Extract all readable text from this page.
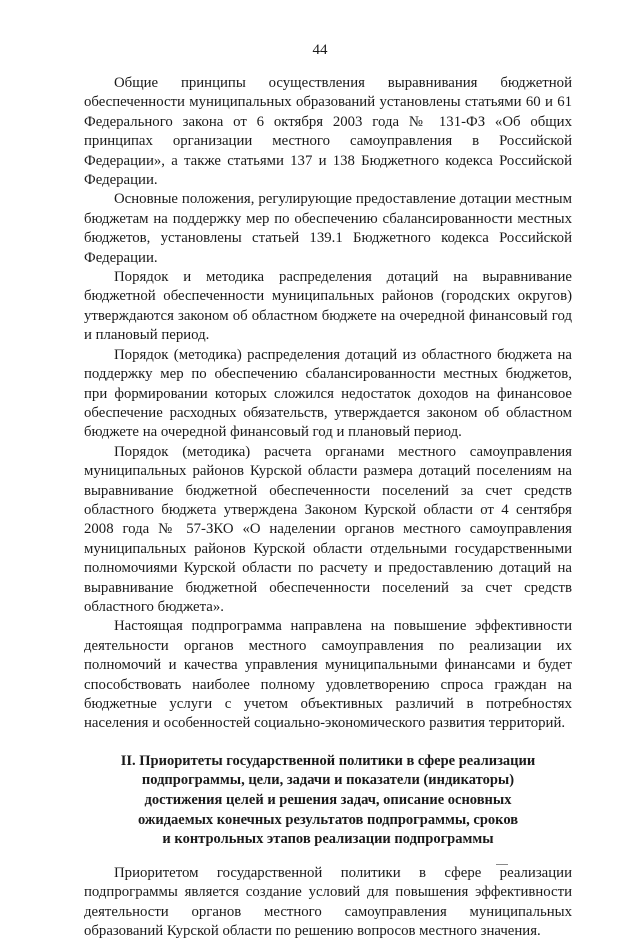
44

Общие принципы осуществления выравнивания бюджетной обеспеченности муниципальных образований установлены статьями 60 и 61 Федерального закона от 6 октября 2003 года № 131-ФЗ «Об общих принципах организации местного самоуправления в Российской Федерации», а также статьями 137 и 138 Бюджетного кодекса Российской Федерации.

Основные положения, регулирующие предоставление дотации местным бюджетам на поддержку мер по обеспечению сбалансированности местных бюджетов, установлены статьей 139.1 Бюджетного кодекса Российской Федерации.

Порядок и методика распределения дотаций на выравнивание бюджетной обеспеченности муниципальных районов (городских округов) утверждаются законом об областном бюджете на очередной финансовый год и плановый период.

Порядок (методика) распределения дотаций из областного бюджета на поддержку мер по обеспечению сбалансированности местных бюджетов, при формировании которых сложился недостаток доходов на финансовое обеспечение расходных обязательств, утверждается законом об областном бюджете на очередной финансовый год и плановый период.

Порядок (методика) расчета органами местного самоуправления муниципальных районов Курской области размера дотаций поселениям на выравнивание бюджетной обеспеченности поселений за счет средств областного бюджета утверждена Законом Курской области от 4 сентября 2008 года № 57-ЗКО «О наделении органов местного самоуправления муниципальных районов Курской области отдельными государственными полномочиями Курской области по расчету и предоставлению дотаций на выравнивание бюджетной обеспеченности поселений за счет средств областного бюджета».

Настоящая подпрограмма направлена на повышение эффективности деятельности органов местного самоуправления по реализации их полномочий и качества управления муниципальными финансами и будет способствовать наиболее полному удовлетворению спроса граждан на бюджетные услуги с учетом объективных различий в потребностях населения и особенностей социально-экономического развития территорий.

II. Приоритеты государственной политики в сфере реализации
подпрограммы, цели, задачи и показатели (индикаторы)
достижения целей и решения задач, описание основных
ожидаемых конечных результатов подпрограммы, сроков
и контрольных этапов реализации подпрограммы

Приоритетом государственной политики в сфере реализации подпрограммы является создание условий для повышения эффективности деятельности органов местного самоуправления муниципальных образований Курской области по решению вопросов местного значения.
